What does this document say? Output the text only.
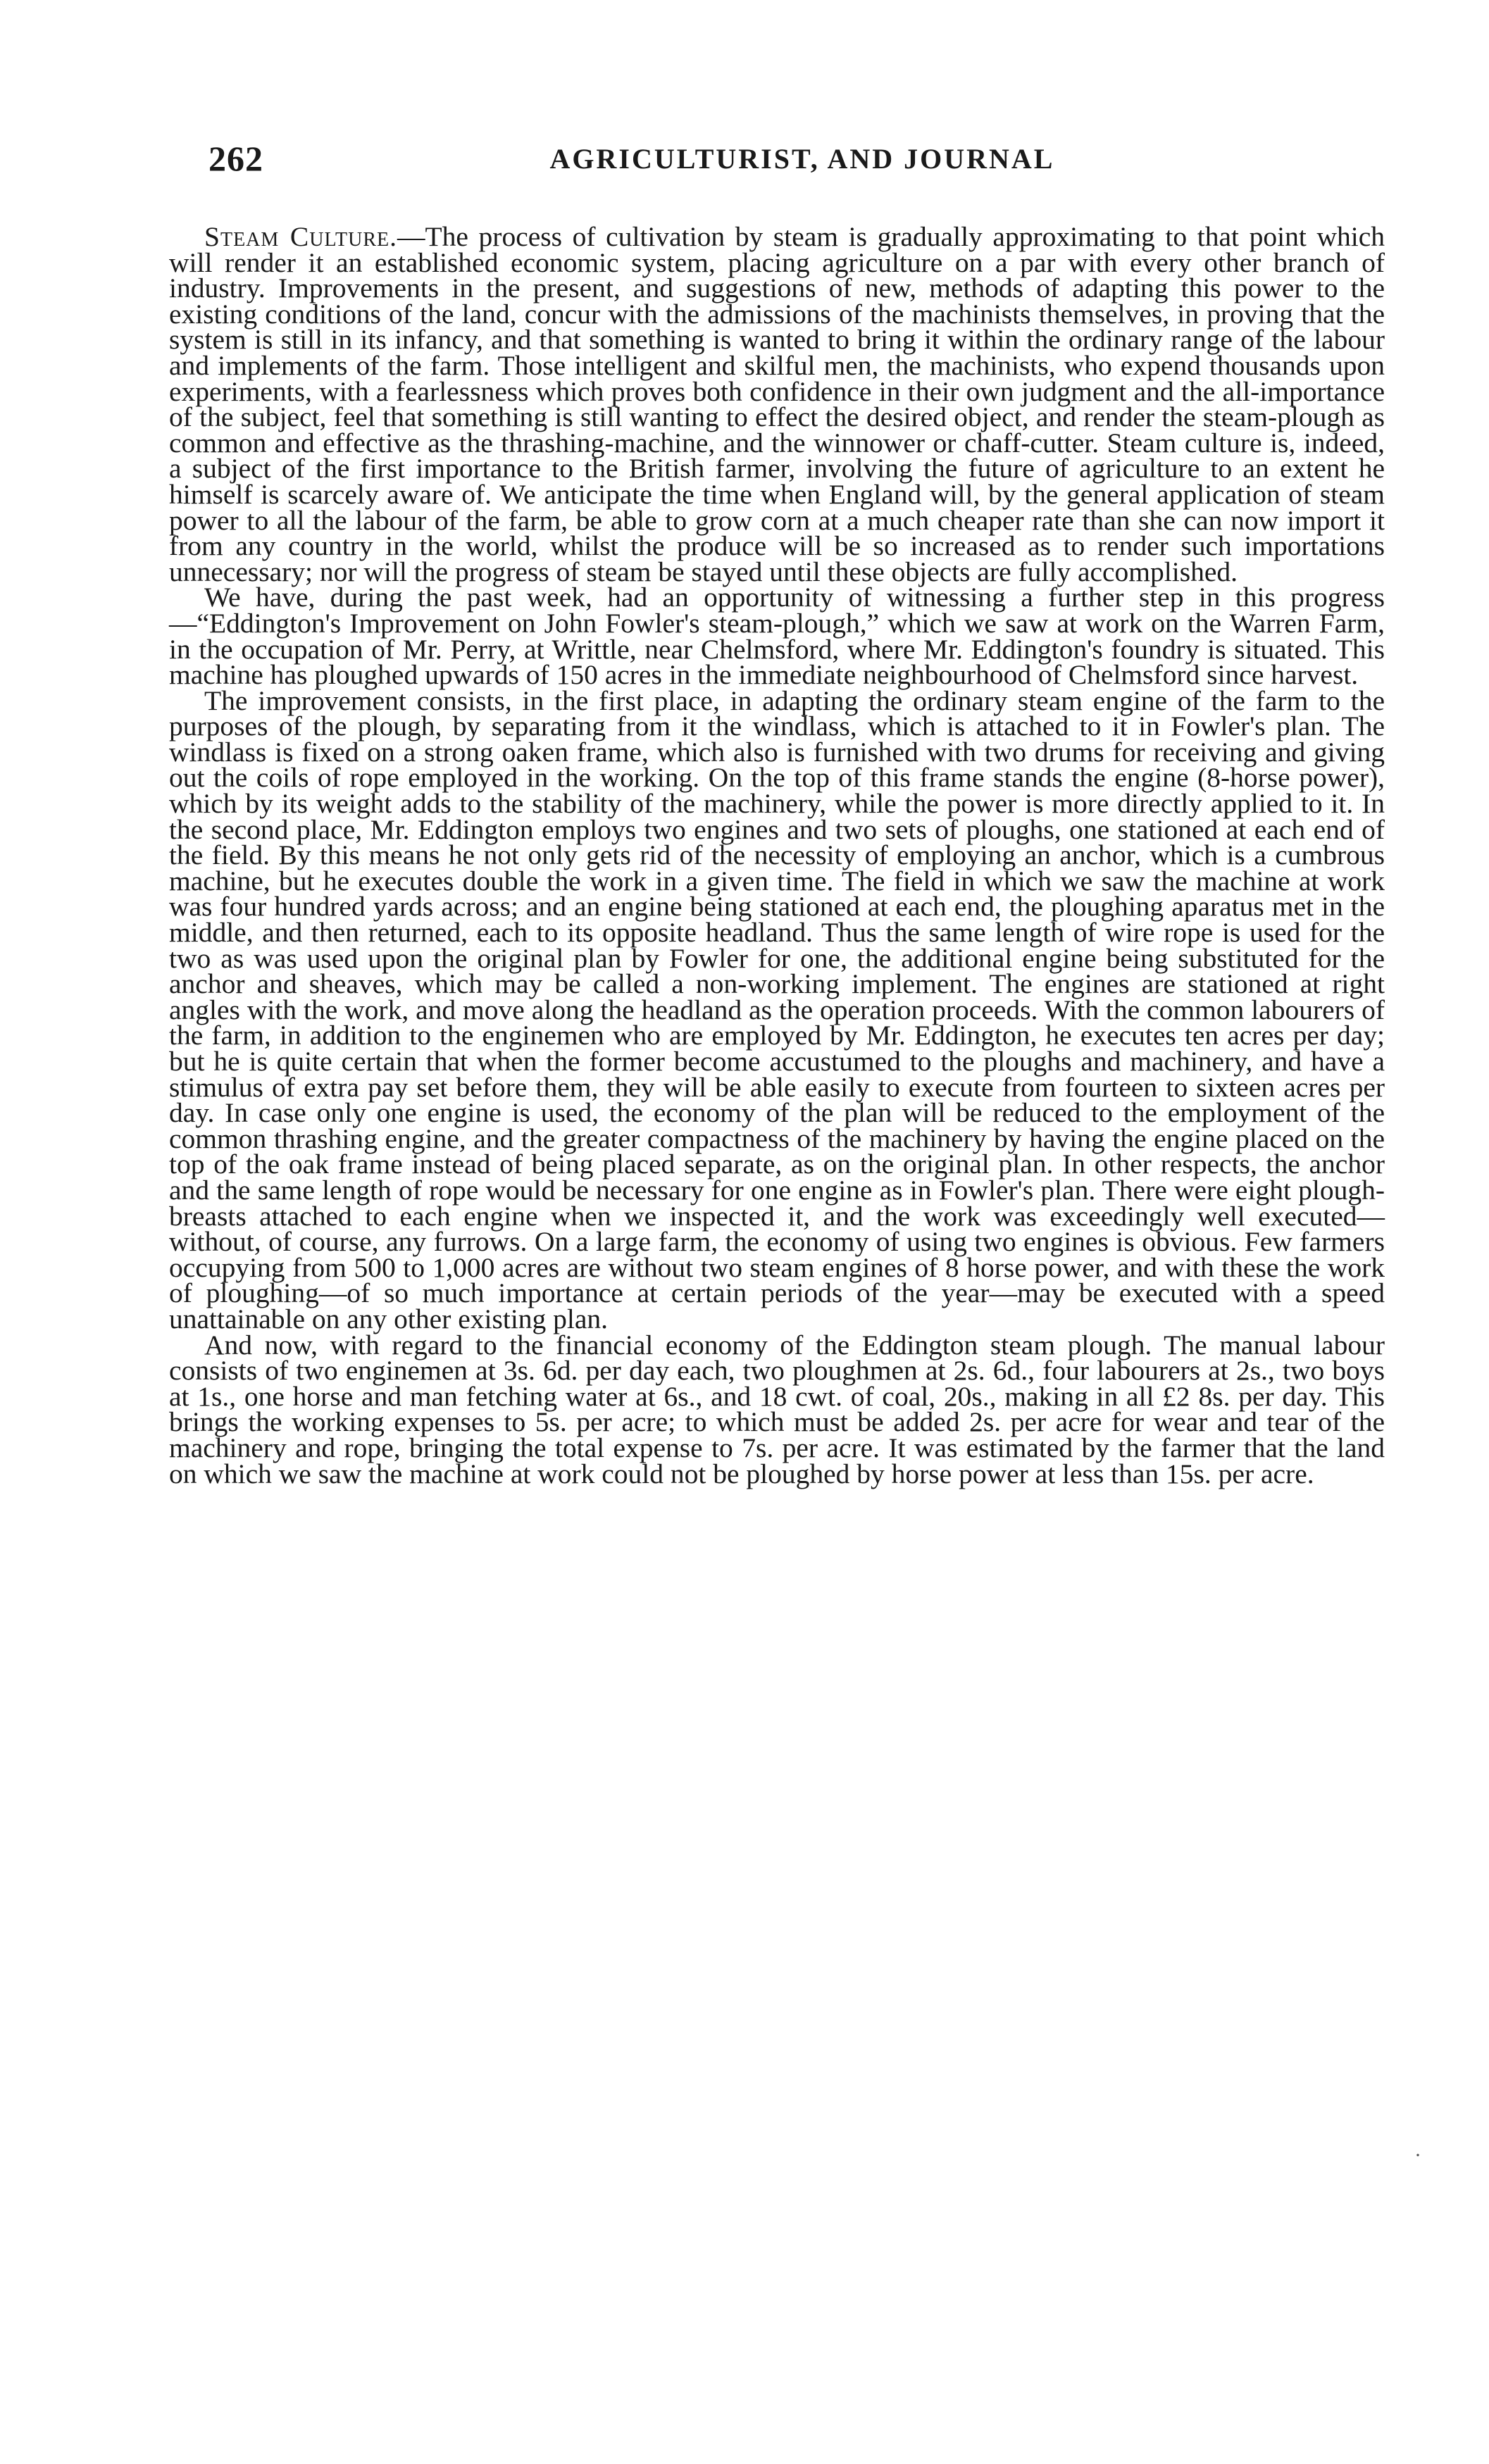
262	AGRICULTURIST, AND JOURNAL

Steam Culture.—The process of cultivation by steam is gradually approximating to that point which will render it an established economic system, placing agriculture on a par with every other branch of industry. Improvements in the present, and suggestions of new, methods of adapting this power to the existing conditions of the land, concur with the admissions of the machinists themselves, in proving that the system is still in its infancy, and that something is wanted to bring it within the ordinary range of the labour and implements of the farm. Those intelligent and skilful men, the machinists, who expend thousands upon experiments, with a fearlessness which proves both confidence in their own judgment and the all-importance of the subject, feel that something is still wanting to effect the desired object, and render the steam-plough as common and effective as the thrashing-machine, and the winnower or chaff-cutter. Steam culture is, indeed, a subject of the first importance to the British farmer, involving the future of agriculture to an extent he himself is scarcely aware of. We anticipate the time when England will, by the general application of steam power to all the labour of the farm, be able to grow corn at a much cheaper rate than she can now import it from any country in the world, whilst the produce will be so increased as to render such importations unnecessary; nor will the progress of steam be stayed until these objects are fully accomplished.

We have, during the past week, had an opportunity of witnessing a further step in this progress—“Eddington's Improvement on John Fowler's steam-plough,” which we saw at work on the Warren Farm, in the occupation of Mr. Perry, at Writtle, near Chelmsford, where Mr. Eddington's foundry is situated. This machine has ploughed upwards of 150 acres in the immediate neighbourhood of Chelmsford since harvest.

The improvement consists, in the first place, in adapting the ordinary steam engine of the farm to the purposes of the plough, by separating from it the windlass, which is attached to it in Fowler's plan. The windlass is fixed on a strong oaken frame, which also is furnished with two drums for receiving and giving out the coils of rope employed in the working. On the top of this frame stands the engine (8-horse power), which by its weight adds to the stability of the machinery, while the power is more directly applied to it. In the second place, Mr. Eddington employs two engines and two sets of ploughs, one stationed at each end of the field. By this means he not only gets rid of the necessity of employing an anchor, which is a cumbrous machine, but he executes double the work in a given time. The field in which we saw the machine at work was four hundred yards across; and an engine being stationed at each end, the ploughing aparatus met in the middle, and then returned, each to its opposite headland. Thus the same length of wire rope is used for the two as was used upon the original plan by Fowler for one, the additional engine being substituted for the anchor and sheaves, which may be called a non-working implement. The engines are stationed at right angles with the work, and move along the headland as the operation proceeds. With the common labourers of the farm, in addition to the enginemen who are employed by Mr. Eddington, he executes ten acres per day; but he is quite certain that when the former become accustumed to the ploughs and machinery, and have a stimulus of extra pay set before them, they will be able easily to execute from fourteen to sixteen acres per day. In case only one engine is used, the economy of the plan will be reduced to the employment of the common thrashing engine, and the greater compactness of the machinery by having the engine placed on the top of the oak frame instead of being placed separate, as on the original plan. In other respects, the anchor and the same length of rope would be necessary for one engine as in Fowler's plan. There were eight plough-breasts attached to each engine when we inspected it, and the work was exceedingly well executed—without, of course, any furrows. On a large farm, the economy of using two engines is obvious. Few farmers occupying from 500 to 1,000 acres are without two steam engines of 8 horse power, and with these the work of ploughing—of so much importance at certain periods of the year—may be executed with a speed unattainable on any other existing plan.

And now, with regard to the financial economy of the Eddington steam plough. The manual labour consists of two enginemen at 3s. 6d. per day each, two ploughmen at 2s. 6d., four labourers at 2s., two boys at 1s., one horse and man fetching water at 6s., and 18 cwt. of coal, 20s., making in all £2 8s. per day. This brings the working expenses to 5s. per acre; to which must be added 2s. per acre for wear and tear of the machinery and rope, bringing the total expense to 7s. per acre. It was estimated by the farmer that the land on which we saw the machine at work could not be ploughed by horse power at less than 15s. per acre.

·
